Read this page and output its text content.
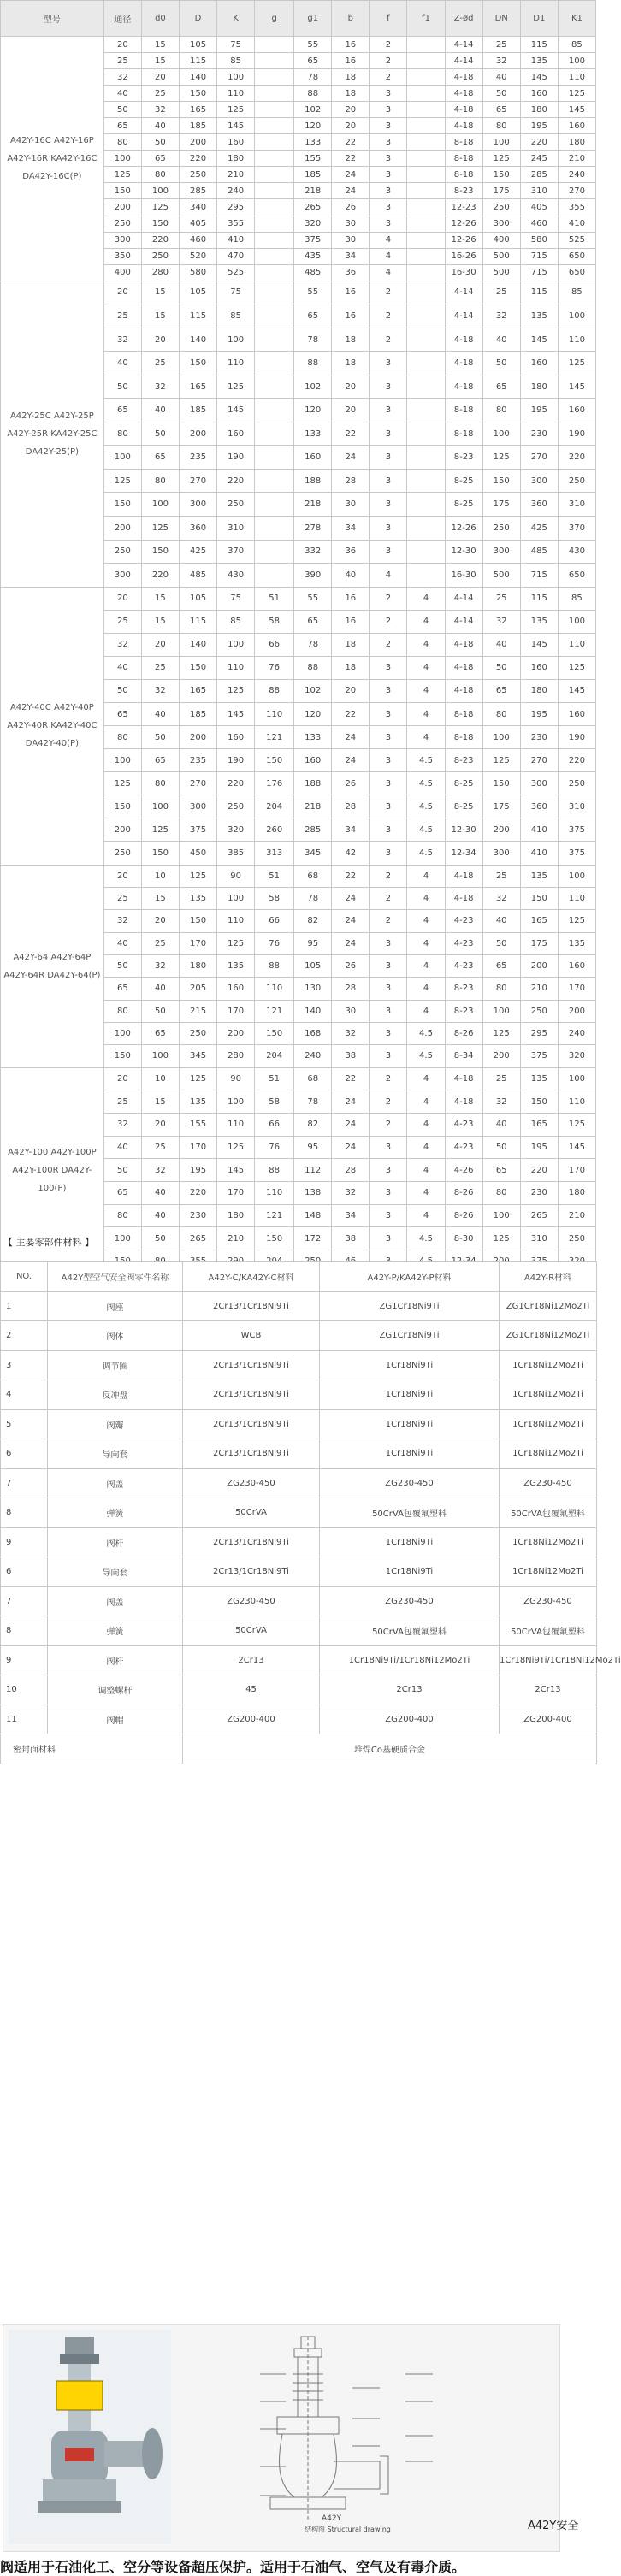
型号	通径	d0	D	K	g	g1	b	f	f1	Z-ød	DN	D1	K1
A42Y-16C A42Y-16P A42Y-16R KA42Y-16C DA42Y-16C(P)	20	15	105	75		55	16	2		4-14	25	115	85
	25	15	115	85		65	16	2		4-14	32	135	100
	32	20	140	100		78	18	2		4-18	40	145	110
	40	25	150	110		88	18	3		4-18	50	160	125
	50	32	165	125		102	20	3		4-18	65	180	145
	65	40	185	145		120	20	3		4-18	80	195	160
	80	50	200	160		133	22	3		8-18	100	220	180
	100	65	220	180		155	22	3		8-18	125	245	210
	125	80	250	210		185	24	3		8-18	150	285	240
	150	100	285	240		218	24	3		8-23	175	310	270
	200	125	340	295		265	26	3		12-23	250	405	355
	250	150	405	355		320	30	3		12-26	300	460	410
	300	220	460	410		375	30	4		12-26	400	580	525
	350	250	520	470		435	34	4		16-26	500	715	650
	400	280	580	525		485	36	4		16-30	500	715	650
A42Y-25C A42Y-25P A42Y-25R KA42Y-25C DA42Y-25(P)	20	15	105	75		55	16	2		4-14	25	115	85
	25	15	115	85		65	16	2		4-14	32	135	100
	32	20	140	100		78	18	2		4-18	40	145	110
	40	25	150	110		88	18	3		4-18	50	160	125
	50	32	165	125		102	20	3		4-18	65	180	145
	65	40	185	145		120	20	3		8-18	80	195	160
	80	50	200	160		133	22	3		8-18	100	230	190
	100	65	235	190		160	24	3		8-23	125	270	220
	125	80	270	220		188	28	3		8-25	150	300	250
	150	100	300	250		218	30	3		8-25	175	360	310
	200	125	360	310		278	34	3		12-26	250	425	370
	250	150	425	370		332	36	3		12-30	300	485	430
	300	220	485	430		390	40	4		16-30	500	715	650
A42Y-40C A42Y-40P A42Y-40R KA42Y-40C DA42Y-40(P)	20	15	105	75	51	55	16	2	4	4-14	25	115	85
	25	15	115	85	58	65	16	2	4	4-14	32	135	100
	32	20	140	100	66	78	18	2	4	4-18	40	145	110
	40	25	150	110	76	88	18	3	4	4-18	50	160	125
	50	32	165	125	88	102	20	3	4	4-18	65	180	145
	65	40	185	145	110	120	22	3	4	8-18	80	195	160
	80	50	200	160	121	133	24	3	4	8-18	100	230	190
	100	65	235	190	150	160	24	3	4.5	8-23	125	270	220
	125	80	270	220	176	188	26	3	4.5	8-25	150	300	250
	150	100	300	250	204	218	28	3	4.5	8-25	175	360	310
	200	125	375	320	260	285	34	3	4.5	12-30	200	410	375
	250	150	450	385	313	345	42	3	4.5	12-34	300	410	375
A42Y-64 A42Y-64P A42Y-64R DA42Y-64(P)	20	10	125	90	51	68	22	2	4	4-18	25	135	100
	25	15	135	100	58	78	24	2	4	4-18	32	150	110
	32	20	150	110	66	82	24	2	4	4-23	40	165	125
	40	25	170	125	76	95	24	3	4	4-23	50	175	135
	50	32	180	135	88	105	26	3	4	4-23	65	200	160
	65	40	205	160	110	130	28	3	4	8-23	80	210	170
	80	50	215	170	121	140	30	3	4	8-23	100	250	200
	100	65	250	200	150	168	32	3	4.5	8-26	125	295	240
	150	100	345	280	204	240	38	3	4.5	8-34	200	375	320
A42Y-100 A42Y-100P A42Y-100R DA42Y-100(P)	20	10	125	90	51	68	22	2	4	4-18	25	135	100
	25	15	135	100	58	78	24	2	4	4-18	32	150	110
	32	20	155	110	66	82	24	2	4	4-23	40	165	125
	40	25	170	125	76	95	24	3	4	4-23	50	195	145
	50	32	195	145	88	112	28	3	4	4-26	65	220	170
	65	40	220	170	110	138	32	3	4	8-26	80	230	180
	80	40	230	180	121	148	34	3	4	8-26	100	265	210
	100	50	265	210	150	172	38	3	4.5	8-30	125	310	250

【 主要零部件材料 】
NO.	A42Y型空气安全阀零件名称	A42Y-C/KA42Y-C材料	A42Y-P/KA42Y-P材料	A42Y-R材料
1	阀座	2Cr13/1Cr18Ni9Ti	ZG1Cr18Ni9Ti	ZG1Cr18Ni12Mo2Ti
2	阀体	WCB	ZG1Cr18Ni9Ti	ZG1Cr18Ni12Mo2Ti
3	调节圈	2Cr13/1Cr18Ni9Ti	1Cr18Ni9Ti	1Cr18Ni12Mo2Ti
4	反冲盘	2Cr13/1Cr18Ni9Ti	1Cr18Ni9Ti	1Cr18Ni12Mo2Ti
5	阀瓣	2Cr13/1Cr18Ni9Ti	1Cr18Ni9Ti	1Cr18Ni12Mo2Ti
6	导向套	2Cr13/1Cr18Ni9Ti	1Cr18Ni9Ti	1Cr18Ni12Mo2Ti
7	阀盖	ZG230-450	ZG230-450	ZG230-450
8	弹簧	50CrVA	50CrVA包覆氟塑料	50CrVA包覆氟塑料
9	阀杆	2Cr13/1Cr18Ni9Ti	1Cr18Ni9Ti	1Cr18Ni12Mo2Ti
6	导向套	2Cr13/1Cr18Ni9Ti	1Cr18Ni9Ti	1Cr18Ni12Mo2Ti
7	阀盖	ZG230-450	ZG230-450	ZG230-450
8	弹簧	50CrVA	50CrVA包覆氟塑料	50CrVA包覆氟塑料
9	阀杆	2Cr13	1Cr18Ni9Ti/1Cr18Ni12Mo2Ti	1Cr18Ni9Ti/1Cr18Ni12Mo2Ti
10	调整螺杆	45	2Cr13	2Cr13
11	阀帽	ZG200-400	ZG200-400	ZG200-400
密封面材料		堆焊Co基硬质合金		
A42Y
结构图 Structural drawing	A42Y安全
阀适用于石油化工、空分等设备超压保护。适用于石油气、空气及有毒介质。
